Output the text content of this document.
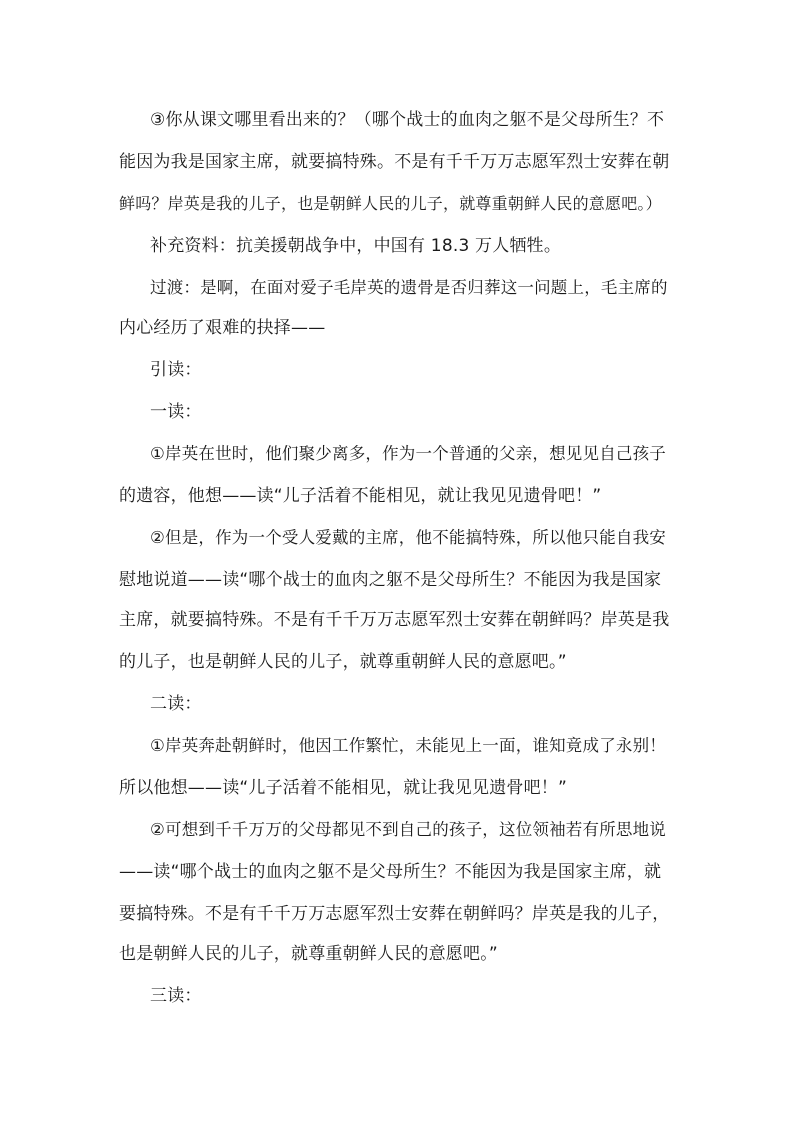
③你从课文哪里看出来的？（哪个战士的血肉之躯不是父母所生？不
能因为我是国家主席，就要搞特殊。不是有千千万万志愿军烈士安葬在朝
鲜吗？岸英是我的儿子，也是朝鲜人民的儿子，就尊重朝鲜人民的意愿吧。）
补充资料：抗美援朝战争中，中国有 18.3 万人牺牲。
过渡：是啊，在面对爱子毛岸英的遗骨是否归葬这一问题上，毛主席的
内心经历了艰难的抉择——
引读：
一读：
①岸英在世时，他们聚少离多，作为一个普通的父亲，想见见自己孩子
的遗容，他想——读“儿子活着不能相见，就让我见见遗骨吧！”
②但是，作为一个受人爱戴的主席，他不能搞特殊，所以他只能自我安
慰地说道——读“哪个战士的血肉之躯不是父母所生？不能因为我是国家
主席，就要搞特殊。不是有千千万万志愿军烈士安葬在朝鲜吗？岸英是我
的儿子，也是朝鲜人民的儿子，就尊重朝鲜人民的意愿吧。”
二读：
①岸英奔赴朝鲜时，他因工作繁忙，未能见上一面，谁知竟成了永别！
所以他想——读“儿子活着不能相见，就让我见见遗骨吧！”
②可想到千千万万的父母都见不到自己的孩子，这位领袖若有所思地说
——读“哪个战士的血肉之躯不是父母所生？不能因为我是国家主席，就
要搞特殊。不是有千千万万志愿军烈士安葬在朝鲜吗？岸英是我的儿子，
也是朝鲜人民的儿子，就尊重朝鲜人民的意愿吧。”
三读：
